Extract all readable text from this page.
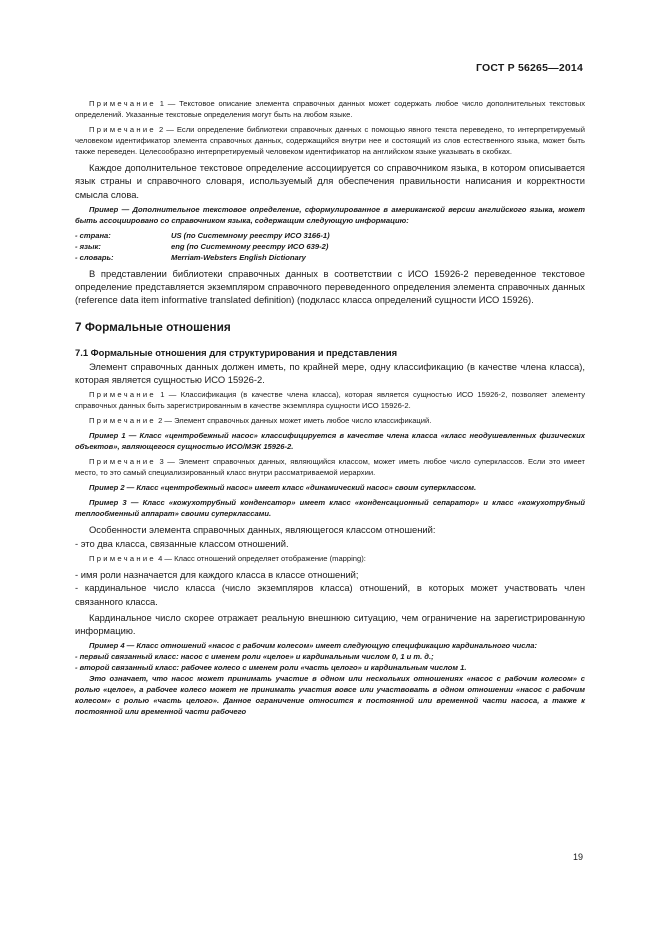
ГОСТ Р 56265—2014

Примечание 1 — Текстовое описание элемента справочных данных может содержать любое число дополнительных текстовых определений. Указанные текстовые определения могут быть на любом языке.

Примечание 2 — Если определение библиотеки справочных данных с помощью явного текста переведено, то интерпретируемый человеком идентификатор элемента справочных данных, содержащийся внутри нее и состоящий из слов естественного языка, может быть также переведен. Целесообразно интерпретируемый человеком идентификатор на английском языке указывать в скобках.

Каждое дополнительное текстовое определение ассоциируется со справочником языка, в котором описывается язык страны и справочного словаря, используемый для обеспечения правильности написания и корректности смысла слова.

Пример — Дополнительное текстовое определение, сформулированное в американской версии английского языка, может быть ассоциировано со справочником языка, содержащим следующую информацию:

- страна:	US (по Системному реестру ИСО 3166-1)
- язык:	eng (по Системному реестру ИСО 639-2)
- словарь:	Merriam-Websters English Dictionary

В представлении библиотеки справочных данных в соответствии с ИСО 15926-2 переведенное текстовое определение представляется экземпляром справочного переведенного определения элемента справочных данных (reference data item informative translated definition) (подкласс класса определений сущности ИСО 15926).

7 Формальные отношения
7.1 Формальные отношения для структурирования и представления

Элемент справочных данных должен иметь, по крайней мере, одну классификацию (в качестве члена класса), которая является сущностью ИСО 15926-2.

Примечание 1 — Классификация (в качестве члена класса), которая является сущностью ИСО 15926-2, позволяет элементу справочных данных быть зарегистрированным в качестве экземпляра сущности ИСО 15926-2.

Примечание 2 — Элемент справочных данных может иметь любое число классификаций.

Пример 1 — Класс «центробежный насос» классифицируется в качестве члена класса «класс неодушевленных физических объектов», являющегося сущностью ИСО/МЭК 15926-2.

Примечание 3 — Элемент справочных данных, являющийся классом, может иметь любое число суперклассов. Если это имеет место, то это самый специализированный класс внутри рассматриваемой иерархии.

Пример 2 — Класс «центробежный насос» имеет класс «динамический насос» своим суперклассом.

Пример 3 — Класс «кожухотрубный конденсатор» имеет класс «конденсационный сепаратор» и класс «кожухотрубный теплообменный аппарат» своими суперклассами.

Особенности элемента справочных данных, являющегося классом отношений:

- это два класса, связанные классом отношений.

Примечание 4 — Класс отношений определяет отображение (mapping):

- имя роли назначается для каждого класса в классе отношений;

- кардинальное число класса (число экземпляров класса) отношений, в которых может участвовать член связанного класса.

Кардинальное число скорее отражает реальную внешнюю ситуацию, чем ограничение на зарегистрированную информацию.

Пример 4 — Класс отношений «насос с рабочим колесом» имеет следующую спецификацию кардинального числа:

- первый связанный класс: насос с именем роли «целое» и кардинальным числом 0, 1 и т. д.;

- второй связанный класс: рабочее колесо с именем роли «часть целого» и кардинальным числом 1.

Это означает, что насос может принимать участие в одном или нескольких отношениях «насос с рабочим колесом» с ролью «целое», а рабочее колесо может не принимать участия вовсе или участвовать в одном отношении «насос с рабочим колесом» с ролью «часть целого». Данное ограничение относится к постоянной или временной части насоса, а также к постоянной или временной части рабочего

19
